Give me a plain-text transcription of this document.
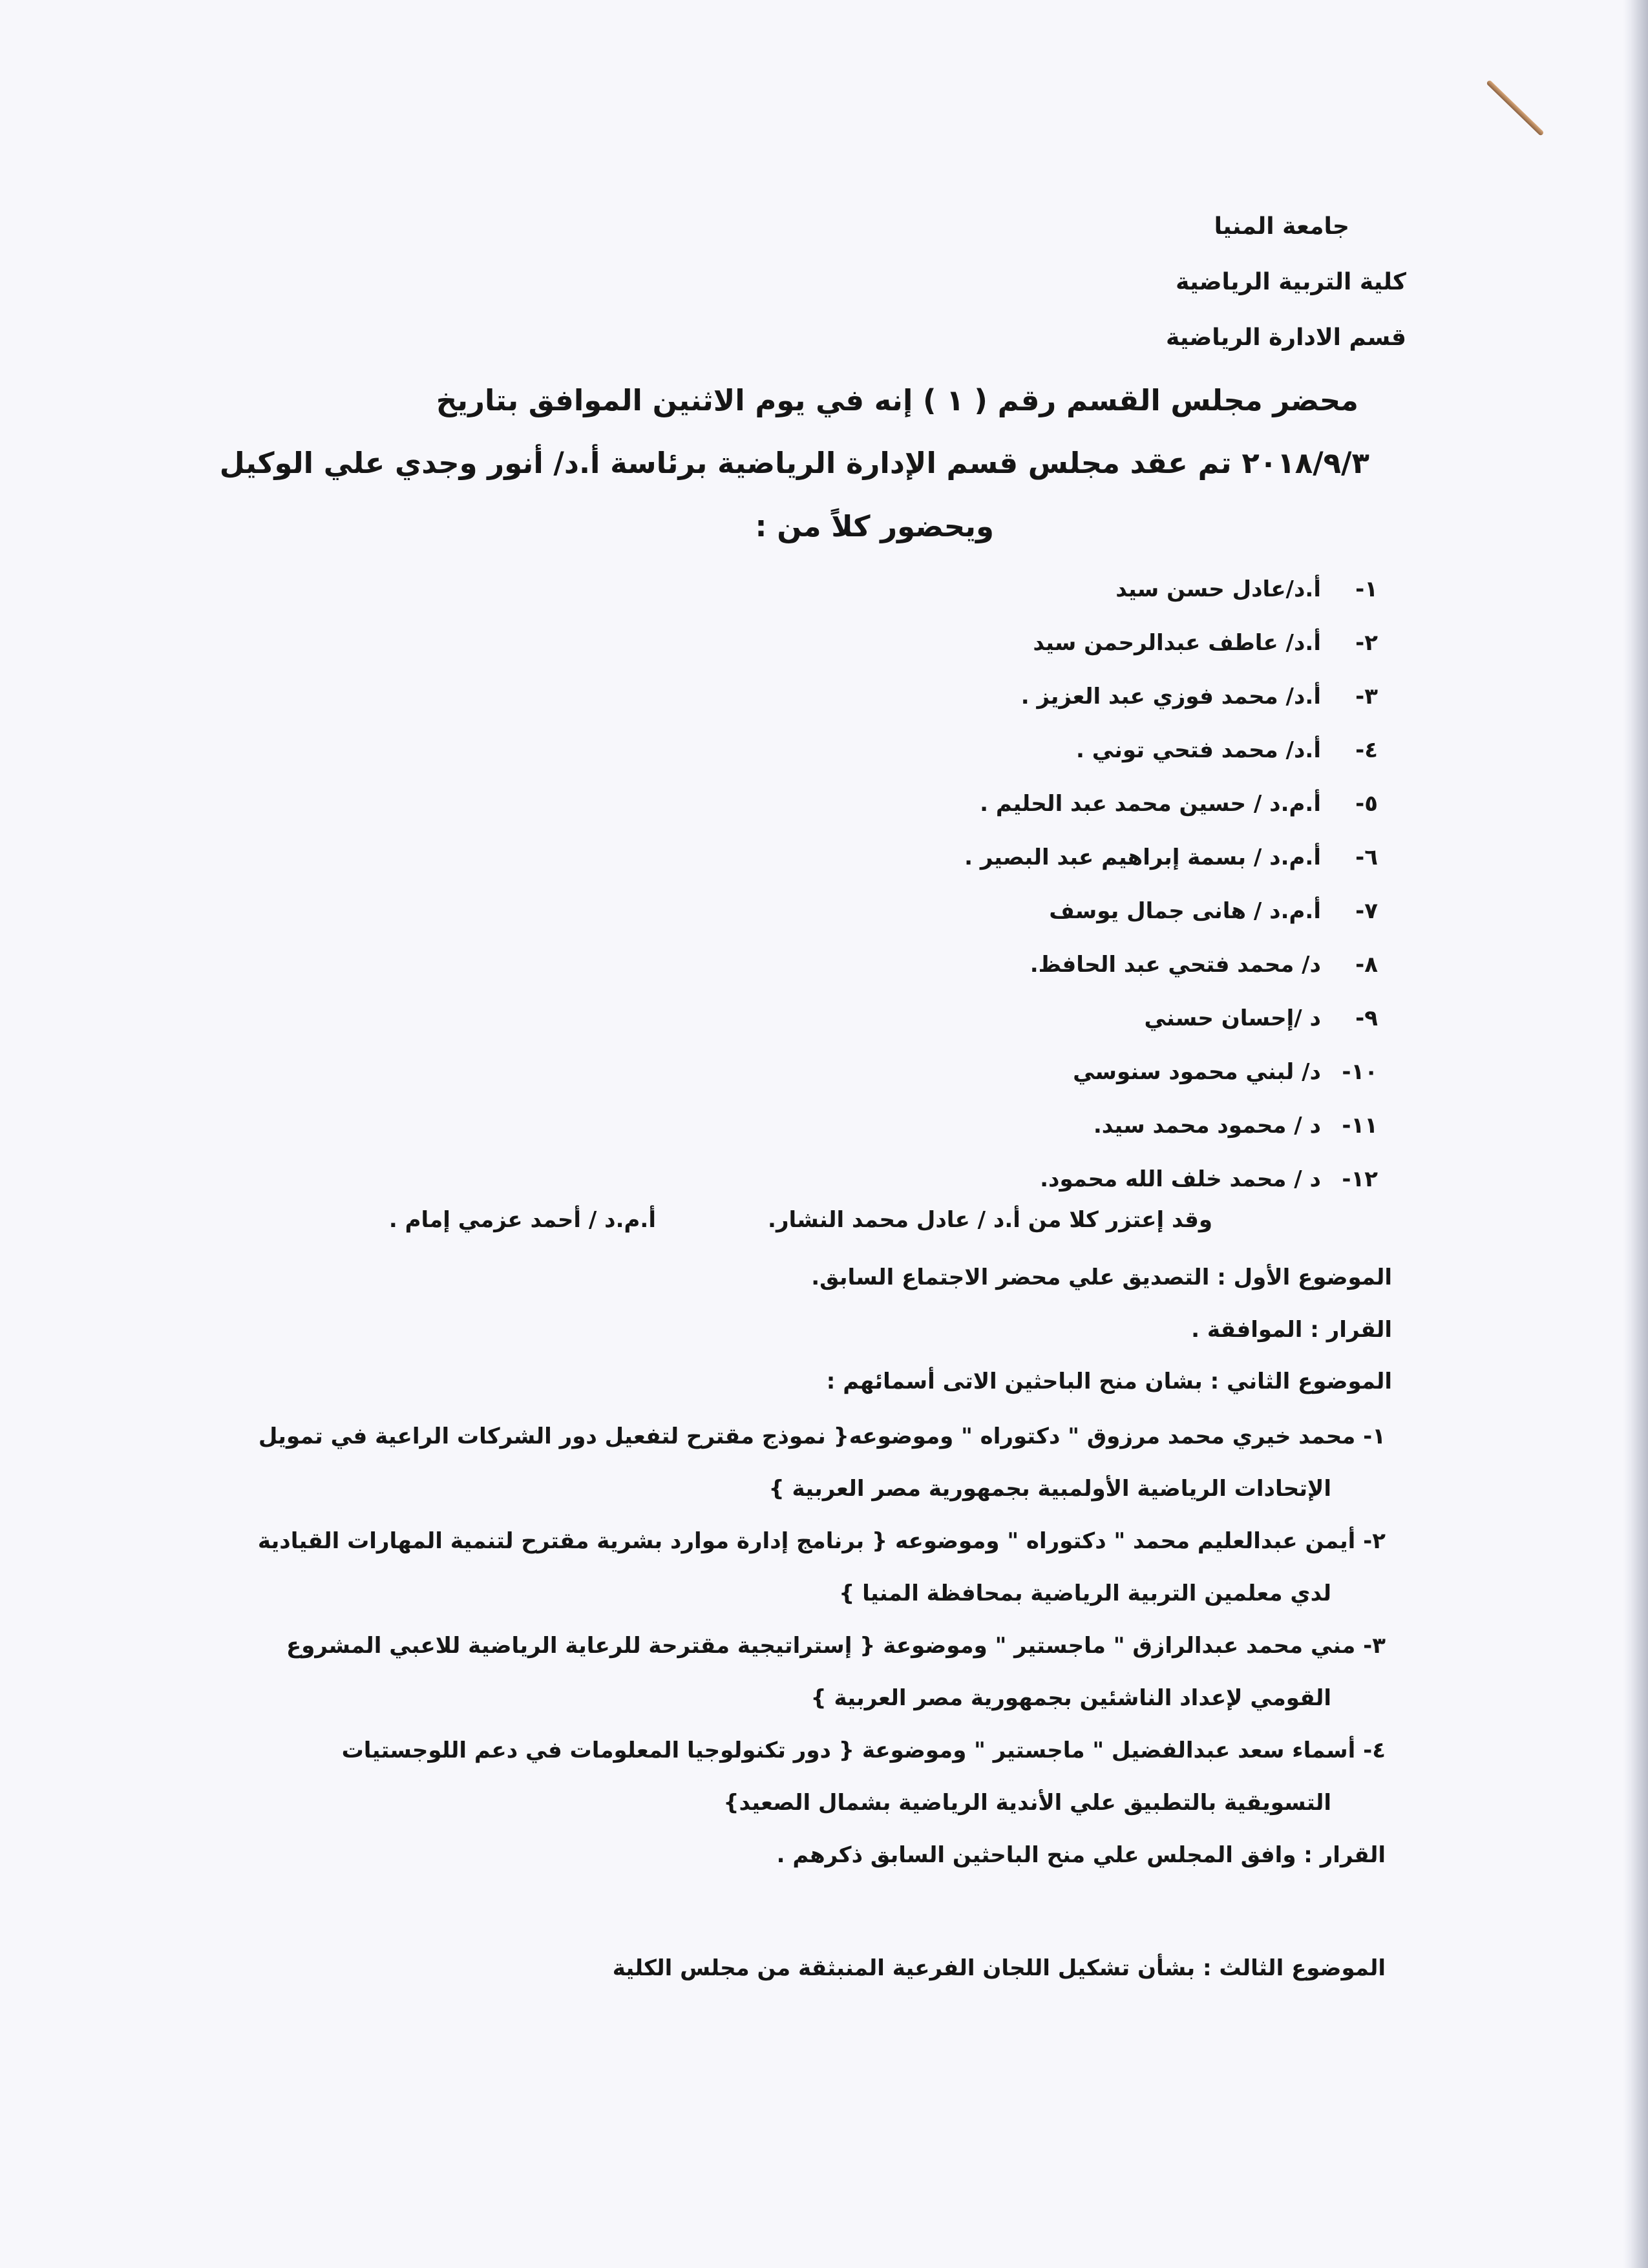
جامعة المنيا
كلية التربية الرياضية
قسم الادارة الرياضية
محضر مجلس القسم رقم ( ١ ) إنه في يوم الاثنين الموافق بتاريخ
٢٠١٨/٩/٣ تم عقد مجلس قسم الإدارة الرياضية برئاسة أ.د/ أنور وجدي علي الوكيل
ويحضور كلاً من :
١-أ.د/عادل حسن سيد
٢-أ.د/ عاطف عبدالرحمن سيد
٣-أ.د/ محمد فوزي عبد العزيز .
٤-أ.د/ محمد فتحي توني .
٥-أ.م.د / حسين محمد عبد الحليم .
٦-أ.م.د / بسمة إبراهيم عبد البصير .
٧-أ.م.د / هانى جمال يوسف
٨-د/ محمد فتحي عبد الحافظ.
٩-د /إحسان حسني
١٠-د/ لبني محمود سنوسي
١١-د / محمود محمد سيد.
١٢-د / محمد خلف الله محمود.
وقد إعتزر كلا من أ.د / عادل محمد النشار.
أ.م.د / أحمد عزمي إمام .
الموضوع الأول : التصديق علي محضر الاجتماع السابق.
القرار : الموافقة .
الموضوع الثاني : بشان منح الباحثين الاتى أسمائهم :
١- محمد خيري محمد مرزوق " دكتوراه " وموضوعه{ نموذج مقترح لتفعيل دور الشركات الراعية في تمويل
الإتحادات الرياضية الأولمبية بجمهورية مصر العربية }
٢- أيمن عبدالعليم محمد " دكتوراه " وموضوعه { برنامج إدارة موارد بشرية مقترح لتنمية المهارات القيادية
لدي معلمين التربية الرياضية بمحافظة المنيا }
٣- مني محمد عبدالرازق " ماجستير " وموضوعة { إستراتيجية مقترحة للرعاية الرياضية للاعبي المشروع
القومي لإعداد الناشئين بجمهورية مصر العربية }
٤- أسماء سعد عبدالفضيل " ماجستير " وموضوعة { دور تكنولوجيا المعلومات في دعم اللوجستيات
التسويقية بالتطبيق علي الأندية الرياضية بشمال الصعيد}
القرار : وافق المجلس علي منح الباحثين السابق ذكرهم .
الموضوع الثالث : بشأن تشكيل اللجان الفرعية المنبثقة من مجلس الكلية
